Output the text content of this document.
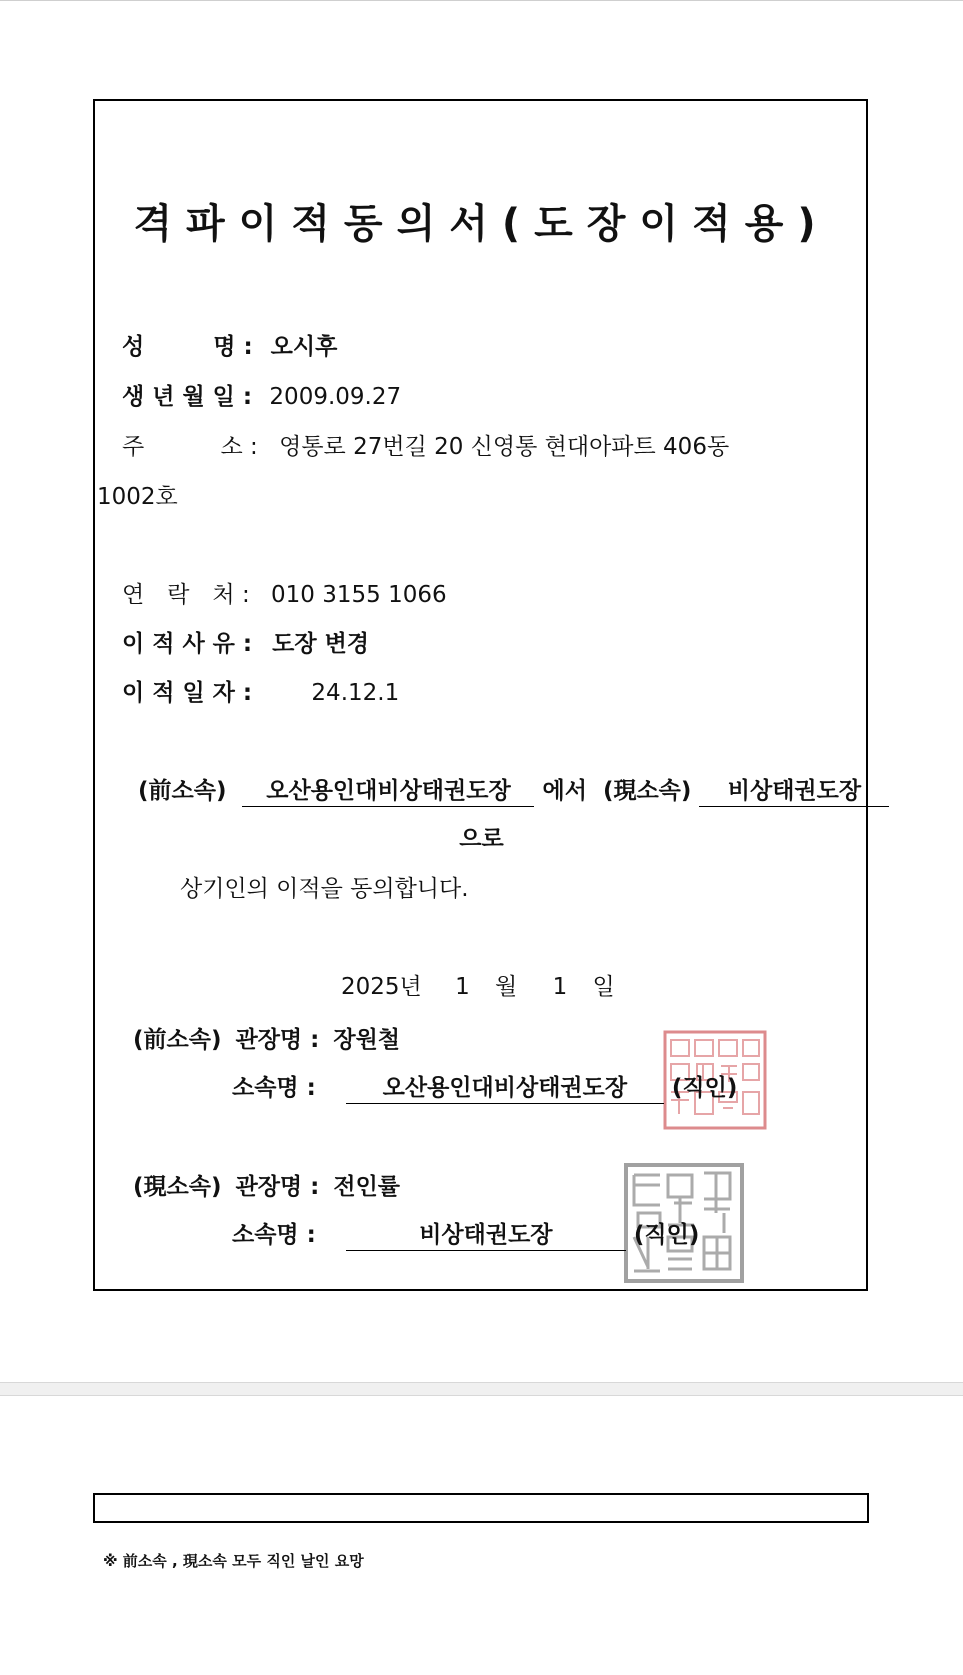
격파이적동의서(도장이적용)
성　　　명 : 오시후
생 년 월 일 : 2009.09.27
주　　　 소 : 영통로 27번길 20 신영통 현대아파트 406동
1002호
연　락　처 : 010 3155 1066
이 적 사 유 : 도장 변경
이 적 일 자 :	24.12.1
(前소속) 오산용인대비상태권도장 에서 (現소속) 비상태권도장
으로
상기인의 이적을 동의합니다.
2025년 1 월 1 일
(前소속) 관장명 : 장원철
소속명 :	오산용인대비상태권도장 (직인)
(現소속) 관장명 : 전인률
소속명 :	비상태권도장	(직인)
※ 前소속 , 現소속 모두 직인 날인 요망
